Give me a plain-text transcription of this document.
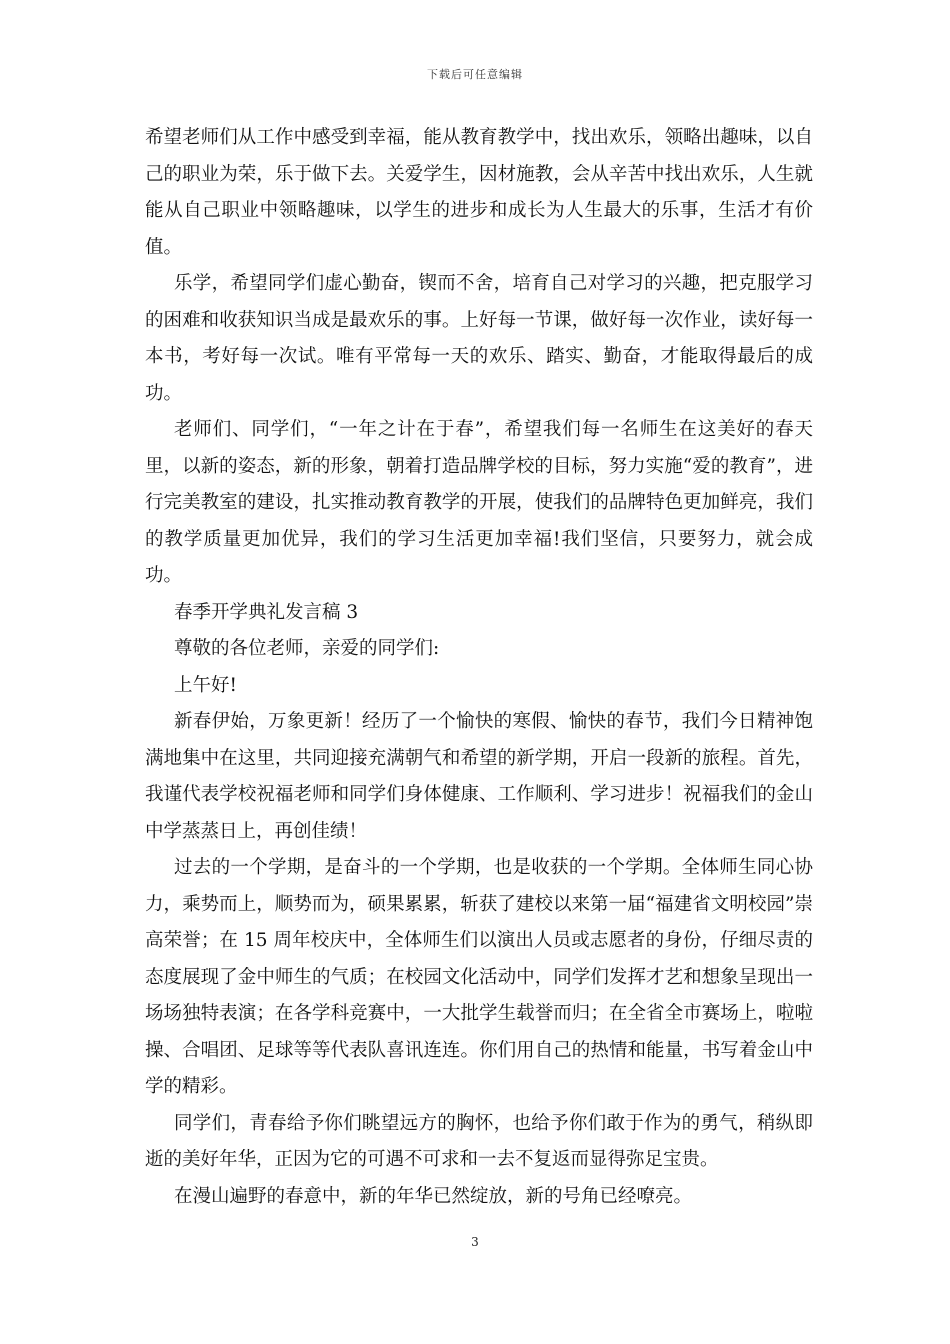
下载后可任意编辑

希望老师们从工作中感受到幸福，能从教育教学中，找出欢乐，领略出趣味，以自己的职业为荣，乐于做下去。关爱学生，因材施教，会从辛苦中找出欢乐，人生就能从自己职业中领略趣味，以学生的进步和成长为人生最大的乐事，生活才有价值。

乐学，希望同学们虚心勤奋，锲而不舍，培育自己对学习的兴趣，把克服学习的困难和收获知识当成是最欢乐的事。上好每一节课，做好每一次作业，读好每一本书，考好每一次试。唯有平常每一天的欢乐、踏实、勤奋，才能取得最后的成功。

老师们、同学们，“一年之计在于春”，希望我们每一名师生在这美好的春天里，以新的姿态，新的形象，朝着打造品牌学校的目标，努力实施“爱的教育”，进行完美教室的建设，扎实推动教育教学的开展，使我们的品牌特色更加鲜亮，我们的教学质量更加优异，我们的学习生活更加幸福!我们坚信，只要努力，就会成功。

春季开学典礼发言稿 3

尊敬的各位老师，亲爱的同学们:

上午好!

新春伊始，万象更新！经历了一个愉快的寒假、愉快的春节，我们今日精神饱满地集中在这里，共同迎接充满朝气和希望的新学期，开启一段新的旅程。首先，我谨代表学校祝福老师和同学们身体健康、工作顺利、学习进步！祝福我们的金山中学蒸蒸日上，再创佳绩！

过去的一个学期，是奋斗的一个学期，也是收获的一个学期。全体师生同心协力，乘势而上，顺势而为，硕果累累，斩获了建校以来第一届“福建省文明校园”崇高荣誉；在 15 周年校庆中，全体师生们以演出人员或志愿者的身份，仔细尽责的态度展现了金中师生的气质；在校园文化活动中，同学们发挥才艺和想象呈现出一场场独特表演；在各学科竞赛中，一大批学生载誉而归；在全省全市赛场上，啦啦操、合唱团、足球等等代表队喜讯连连。你们用自己的热情和能量，书写着金山中学的精彩。

同学们，青春给予你们眺望远方的胸怀，也给予你们敢于作为的勇气，稍纵即逝的美好年华，正因为它的可遇不可求和一去不复返而显得弥足宝贵。

在漫山遍野的春意中，新的年华已然绽放，新的号角已经嘹亮。

3
